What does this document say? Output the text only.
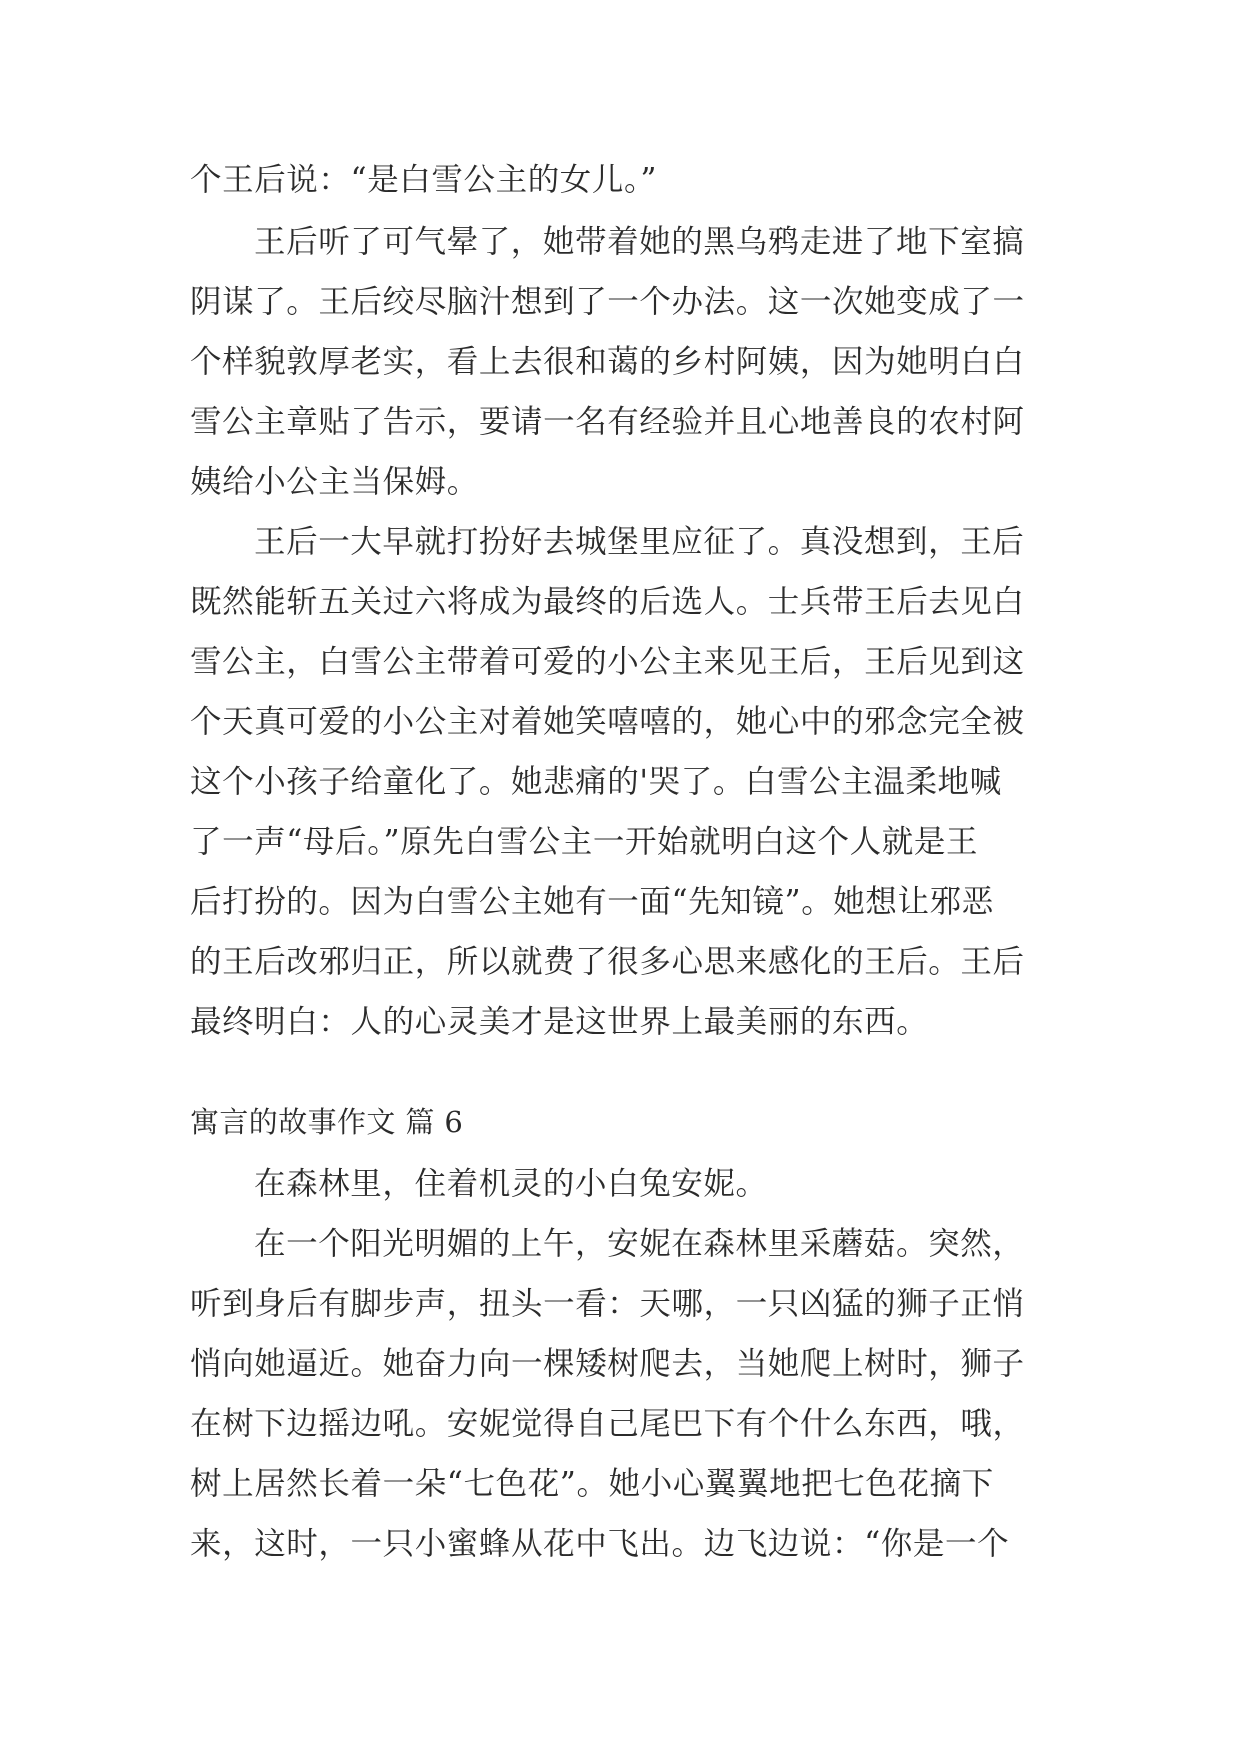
个王后说：“是白雪公主的女儿。”
王后听了可气晕了，她带着她的黑乌鸦走进了地下室搞
阴谋了。王后绞尽脑汁想到了一个办法。这一次她变成了一
个样貌敦厚老实，看上去很和蔼的乡村阿姨，因为她明白白
雪公主章贴了告示，要请一名有经验并且心地善良的农村阿
姨给小公主当保姆。
王后一大早就打扮好去城堡里应征了。真没想到，王后
既然能斩五关过六将成为最终的后选人。士兵带王后去见白
雪公主，白雪公主带着可爱的小公主来见王后，王后见到这
个天真可爱的小公主对着她笑嘻嘻的，她心中的邪念完全被
这个小孩子给童化了。她悲痛的'哭了。白雪公主温柔地喊
了一声“母后。”原先白雪公主一开始就明白这个人就是王
后打扮的。因为白雪公主她有一面“先知镜”。她想让邪恶
的王后改邪归正，所以就费了很多心思来感化的王后。王后
最终明白：人的心灵美才是这世界上最美丽的东西。
寓言的故事作文 篇 6
在森林里，住着机灵的小白兔安妮。
在一个阳光明媚的上午，安妮在森林里采蘑菇。突然，
听到身后有脚步声，扭头一看：天哪，一只凶猛的狮子正悄
悄向她逼近。她奋力向一棵矮树爬去，当她爬上树时，狮子
在树下边摇边吼。安妮觉得自己尾巴下有个什么东西，哦，
树上居然长着一朵“七色花”。她小心翼翼地把七色花摘下
来，这时，一只小蜜蜂从花中飞出。边飞边说：“你是一个
